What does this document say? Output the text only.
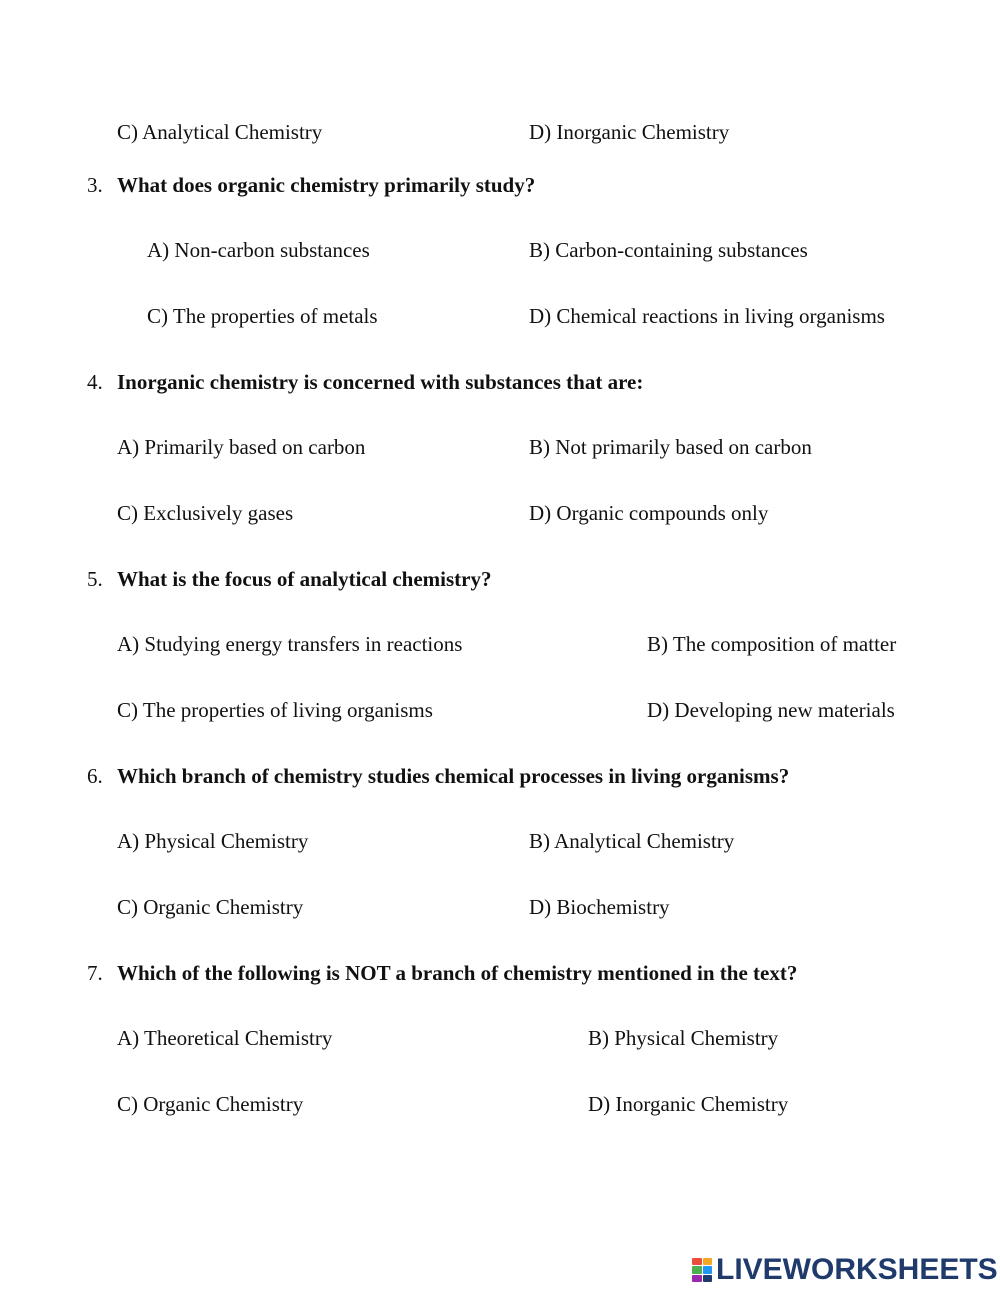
C) Analytical Chemistry	D) Inorganic Chemistry
3. What does organic chemistry primarily study?
A) Non-carbon substances	B) Carbon-containing substances
C) The properties of metals	D) Chemical reactions in living organisms
4. Inorganic chemistry is concerned with substances that are:
A) Primarily based on carbon	B) Not primarily based on carbon
C) Exclusively gases	D) Organic compounds only
5. What is the focus of analytical chemistry?
A) Studying energy transfers in reactions	B) The composition of matter
C) The properties of living organisms	D) Developing new materials
6. Which branch of chemistry studies chemical processes in living organisms?
A) Physical Chemistry	B) Analytical Chemistry
C) Organic Chemistry	D) Biochemistry
7. Which of the following is NOT a branch of chemistry mentioned in the text?
A) Theoretical Chemistry	B) Physical Chemistry
C) Organic Chemistry	D) Inorganic Chemistry
LIVEWORKSHEETS
